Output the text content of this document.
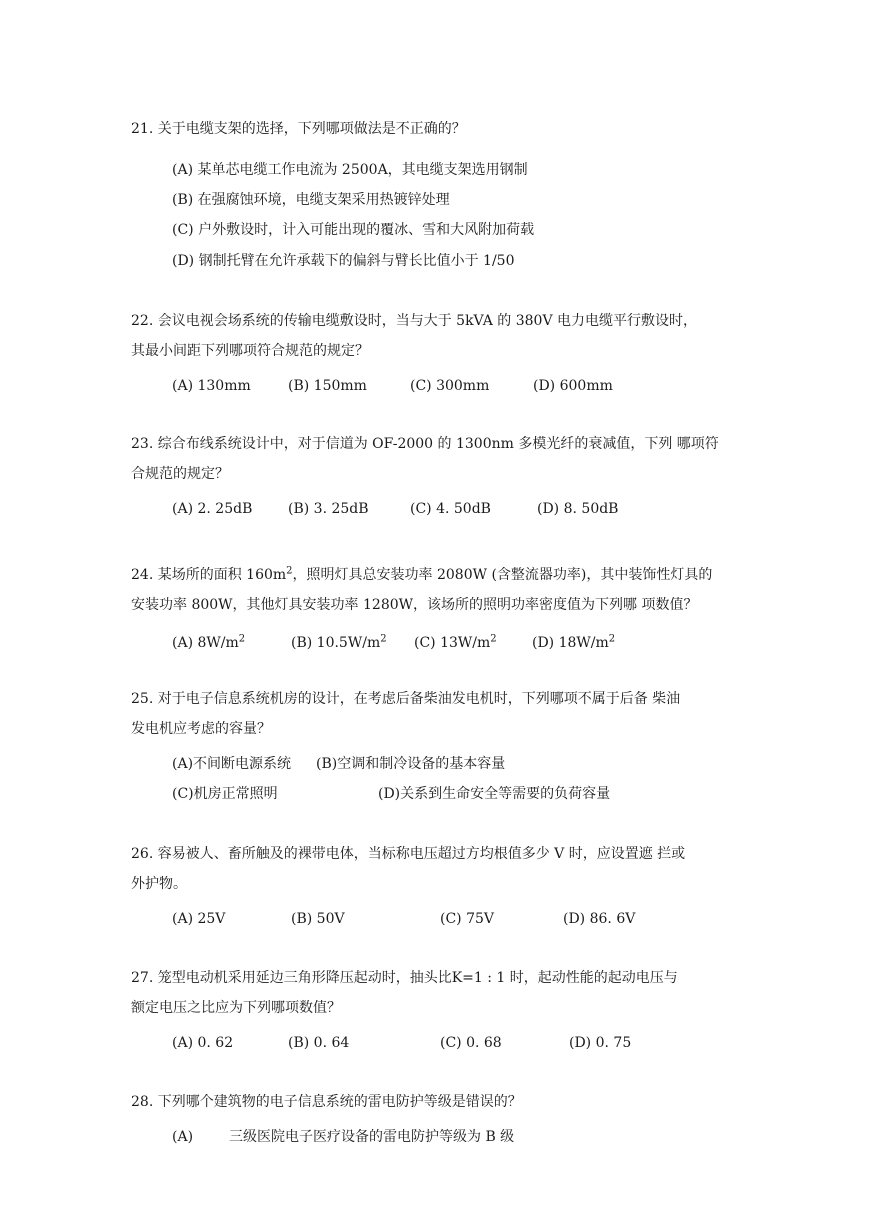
21. 关于电缆支架的选择，下列哪项做法是不正确的？
(A) 某单芯电缆工作电流为 2500A，其电缆支架选用钢制
(B) 在强腐蚀环境，电缆支架采用热镀锌处理
(C) 户外敷设时，计入可能出现的覆冰、雪和大风附加荷载
(D) 钢制托臂在允许承载下的偏斜与臂长比值小于 1/50
22. 会议电视会场系统的传输电缆敷设时，当与大于 5kVA 的 380V 电力电缆平行敷设时，
其最小间距下列哪项符合规范的规定？
(A) 130mm	(B) 150mm	(C) 300mm	(D) 600mm
23. 综合布线系统设计中，对于信道为 OF-2000 的 1300nm 多模光纤的衰减值，下列 哪项符
合规范的规定？
(A) 2. 25dB	(B) 3. 25dB	(C) 4. 50dB	(D) 8. 50dB
24. 某场所的面积 $160m^2$，照明灯具总安装功率 2080W (含整流器功率)，其中装饰性灯具的
安装功率 800W，其他灯具安装功率 1280W，该场所的照明功率密度值为下列哪 项数值？
(A) $8W/m^2$	(B) $10.5W/m^2$ (C) $13W/m^2$	(D) $18W/m^2$
25. 对于电子信息系统机房的设计，在考虑后备柴油发电机时，下列哪项不属于后备 柴油
发电机应考虑的容量？
(A)不间断电源系统 (B)空调和制冷设备的基本容量
(C)机房正常照明	(D)关系到生命安全等需要的负荷容量
26. 容易被人、畜所触及的裸带电体，当标称电压超过方均根值多少 V 时，应设置遮 拦或
外护物。
(A) 25V	(B) 50V	(C) 75V	(D) 86. 6V
27. 笼型电动机采用延边三角形降压起动时，抽头比K=1 : 1 时，起动性能的起动电压与
额定电压之比应为下列哪项数值？
(A) 0. 62	(B) 0. 64	(C) 0. 68	(D) 0. 75
28. 下列哪个建筑物的电子信息系统的雷电防护等级是错误的？
(A)	三级医院电子医疗设备的雷电防护等级为 B 级
